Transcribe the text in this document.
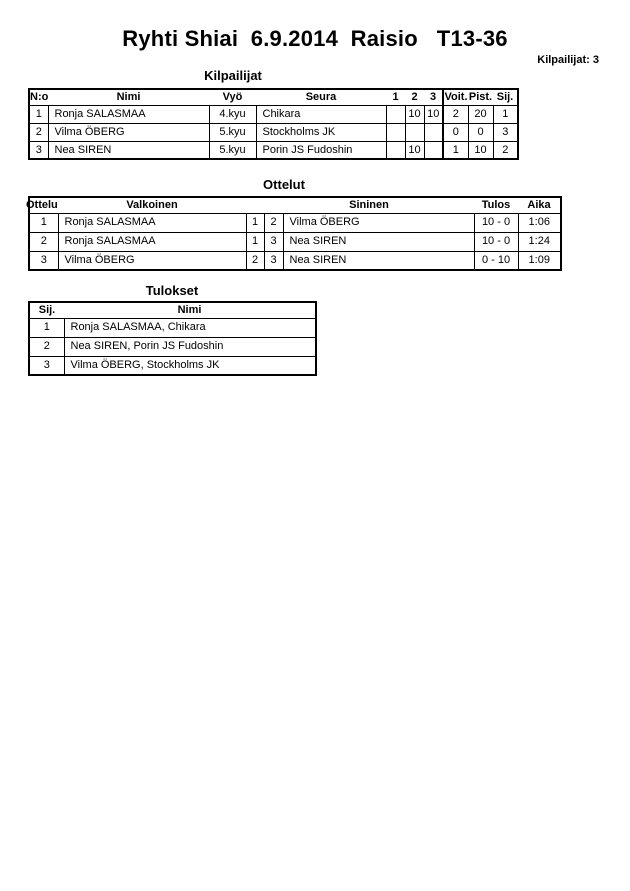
Ryhti Shiai  6.9.2014  Raisio   T13-36
Kilpailijat: 3
Kilpailijat
N:o	Nimi	Vyö	Seura	1	2	3	Voit.	Pist.	Sij.
1	Ronja SALASMAA	4.kyu	Chikara		10	10	2	20	1
2	Vilma ÖBERG	5.kyu	Stockholms JK				0	0	3
3	Nea SIREN	5.kyu	Porin JS Fudoshin		10		1	10	2
Ottelut
Ottelu	Valkoinen		Sininen		Tulos	Aika
1	Ronja SALASMAA	1	2	Vilma ÖBERG	10 - 0	1:06
2	Ronja SALASMAA	1	3	Nea SIREN	10 - 0	1:24
3	Vilma ÖBERG	2	3	Nea SIREN	0 - 10	1:09
Tulokset
Sij.	Nimi
1	Ronja SALASMAA, Chikara
2	Nea SIREN, Porin JS Fudoshin
3	Vilma ÖBERG, Stockholms JK
